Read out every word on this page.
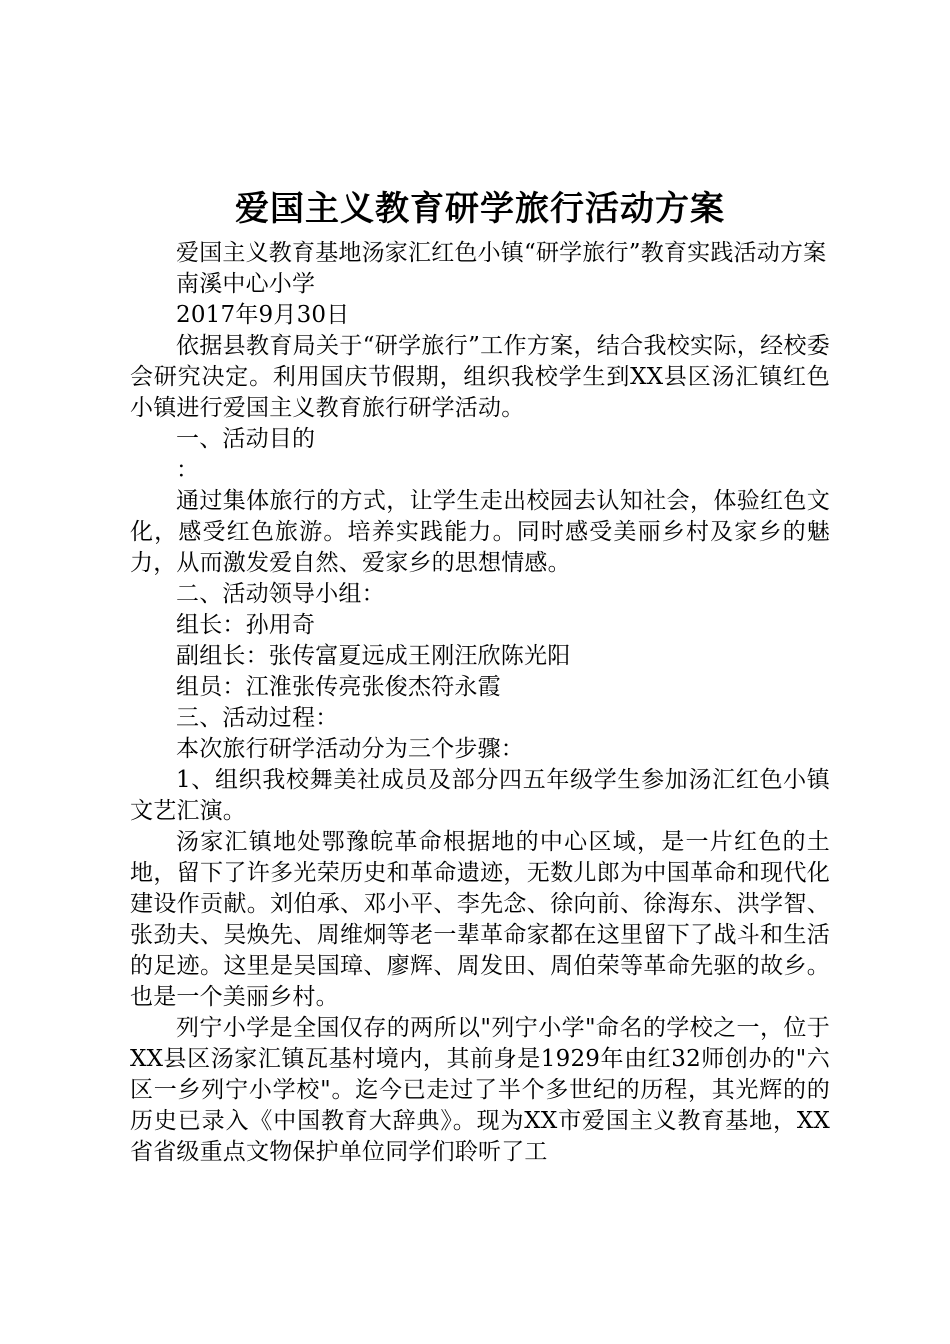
爱国主义教育研学旅行活动方案

爱国主义教育基地汤家汇红色小镇“研学旅行”教育实践活动方案

南溪中心小学

2017年9月30日

依据县教育局关于“研学旅行”工作方案，结合我校实际，经校委会研究决定。利用国庆节假期，组织我校学生到XX县区汤汇镇红色小镇进行爱国主义教育旅行研学活动。

一、活动目的

：

通过集体旅行的方式，让学生走出校园去认知社会，体验红色文化，感受红色旅游。培养实践能力。同时感受美丽乡村及家乡的魅力，从而激发爱自然、爱家乡的思想情感。

二、活动领导小组：

组长：孙用奇

副组长：张传富夏远成王刚汪欣陈光阳

组员：江淮张传亮张俊杰符永霞

三、活动过程：

本次旅行研学活动分为三个步骤：

1、组织我校舞美社成员及部分四五年级学生参加汤汇红色小镇文艺汇演。

汤家汇镇地处鄂豫皖革命根据地的中心区域，是一片红色的土地，留下了许多光荣历史和革命遗迹，无数儿郎为中国革命和现代化建设作贡献。刘伯承、邓小平、李先念、徐向前、徐海东、洪学智、张劲夫、吴焕先、周维炯等老一辈革命家都在这里留下了战斗和生活的足迹。这里是吴国璋、廖辉、周发田、周伯荣等革命先驱的故乡。也是一个美丽乡村。

列宁小学是全国仅存的两所以"列宁小学"命名的学校之一，位于XX县区汤家汇镇瓦基村境内，其前身是1929年由红32师创办的"六区一乡列宁小学校"。迄今已走过了半个多世纪的历程，其光辉的的历史已录入《中国教育大辞典》。现为XX市爱国主义教育基地，XX省省级重点文物保护单位同学们聆听了工
